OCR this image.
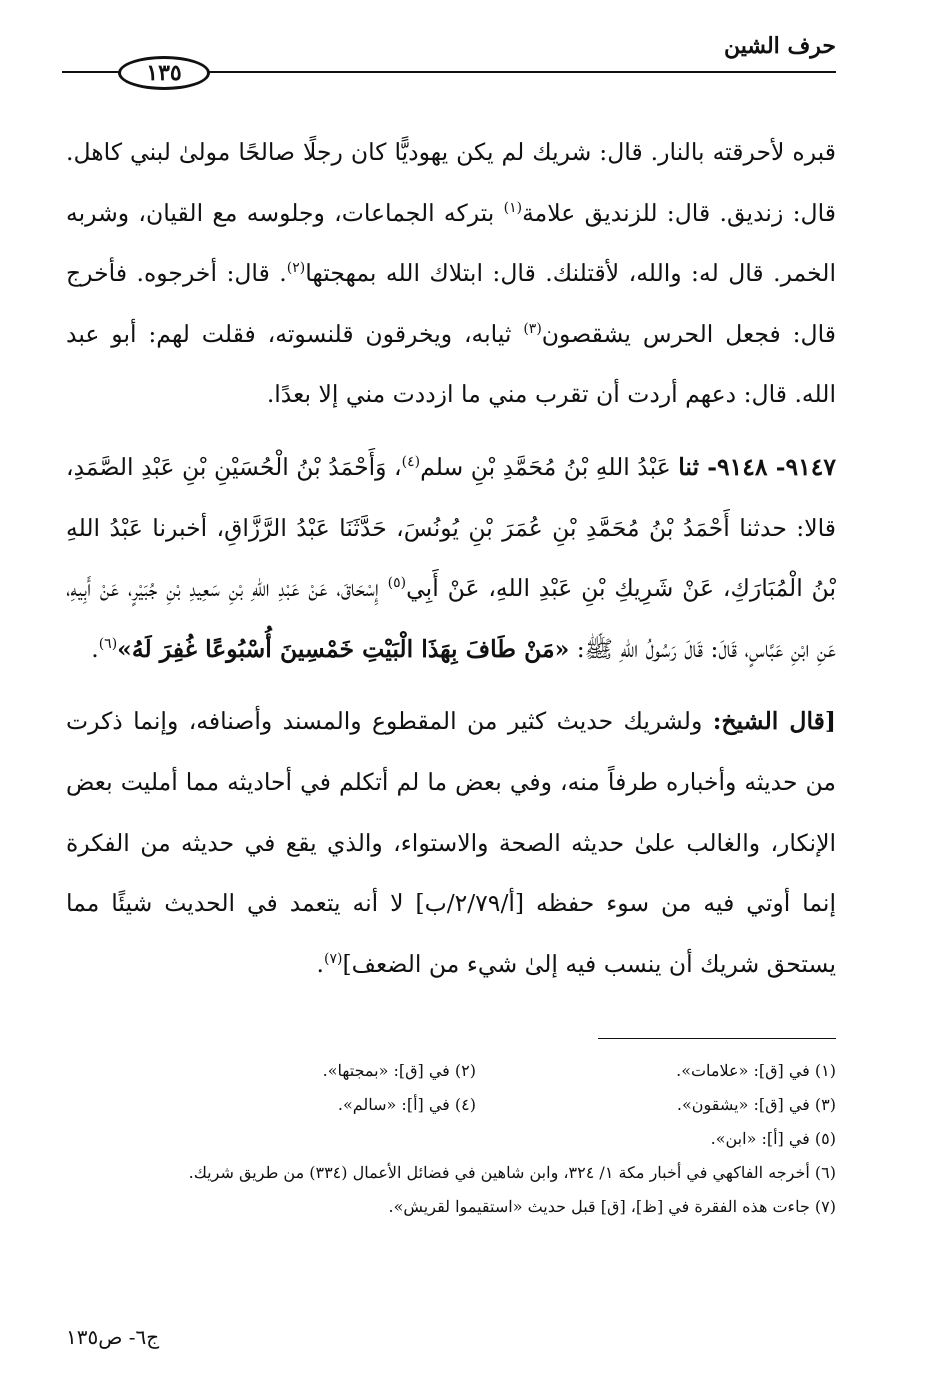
حرف الشين
١٣٥

قبره لأحرقته بالنار. قال: شريك لم يكن يهوديًّا كان رجلًا صالحًا مولىٰ لبني كاهل. قال: زنديق. قال: للزنديق علامة$^{(١)}$ بتركه الجماعات، وجلوسه مع القيان، وشربه الخمر. قال له: والله، لأقتلنك. قال: ابتلاك الله بمهجتها$^{(٢)}$. قال: أخرجوه. فأخرج قال: فجعل الحرس يشقصون$^{(٣)}$ ثيابه، ويخرقون قلنسوته، فقلت لهم: أبو عبد الله. قال: دعهم أردت أن تقرب مني ما ازددت مني إلا بعدًا.

٩١٤٧- ٩١٤٨- ثنا عَبْدُ اللهِ بْنُ مُحَمَّدِ بْنِ سلم$^{(٤)}$، وَأَحْمَدُ بْنُ الْحُسَيْنِ بْنِ عَبْدِ الصَّمَدِ، قالا: حدثنا أَحْمَدُ بْنُ مُحَمَّدِ بْنِ عُمَرَ بْنِ يُونُسَ، حَدَّثَنَا عَبْدُ الرَّزَّاقِ، أخبرنا عَبْدُ اللهِ بْنُ الْمُبَارَكِ، عَنْ شَرِيكِ بْنِ عَبْدِ اللهِ، عَنْ أَبِي$^{(٥)}$ إِسْحَاقَ، عَنْ عَبْدِ اللهِ بْنِ سَعِيدِ بْنِ جُبَيْرٍ، عَنْ أَبِيهِ، عَنِ ابْنِ عَبَّاسٍ، قَالَ: قَالَ رَسُولُ اللهِ ﷺ: «مَنْ طَافَ بِهَذَا الْبَيْتِ خَمْسِينَ أُسْبُوعًا غُفِرَ لَهُ»$^{(٦)}$.

[قال الشيخ: ولشريك حديث كثير من المقطوع والمسند وأصنافه، وإنما ذكرت من حديثه وأخباره طرفاً منه، وفي بعض ما لم أتكلم في أحاديثه مما أمليت بعض الإنكار، والغالب علىٰ حديثه الصحة والاستواء، والذي يقع في حديثه من الفكرة إنما أوتي فيه من سوء حفظه [أ/٢/٧٩/ب] لا أنه يتعمد في الحديث شيئًا مما يستحق شريك أن ينسب فيه إلىٰ شيء من الضعف]$^{(٧)}$.

(١) في [ق]: «علامات».
(٢) في [ق]: «بمجتها».
(٣) في [ق]: «يشقون».
(٤) في [أ]: «سالم».
(٥) في [أ]: «ابن».
(٦) أخرجه الفاكهي في أخبار مكة ١/ ٣٢٤، وابن شاهين في فضائل الأعمال (٣٣٤) من طريق شريك.
(٧) جاءت هذه الفقرة في [ظ]، [ق] قبل حديث «استقيموا لقريش».
ج٦- ص١٣٥
